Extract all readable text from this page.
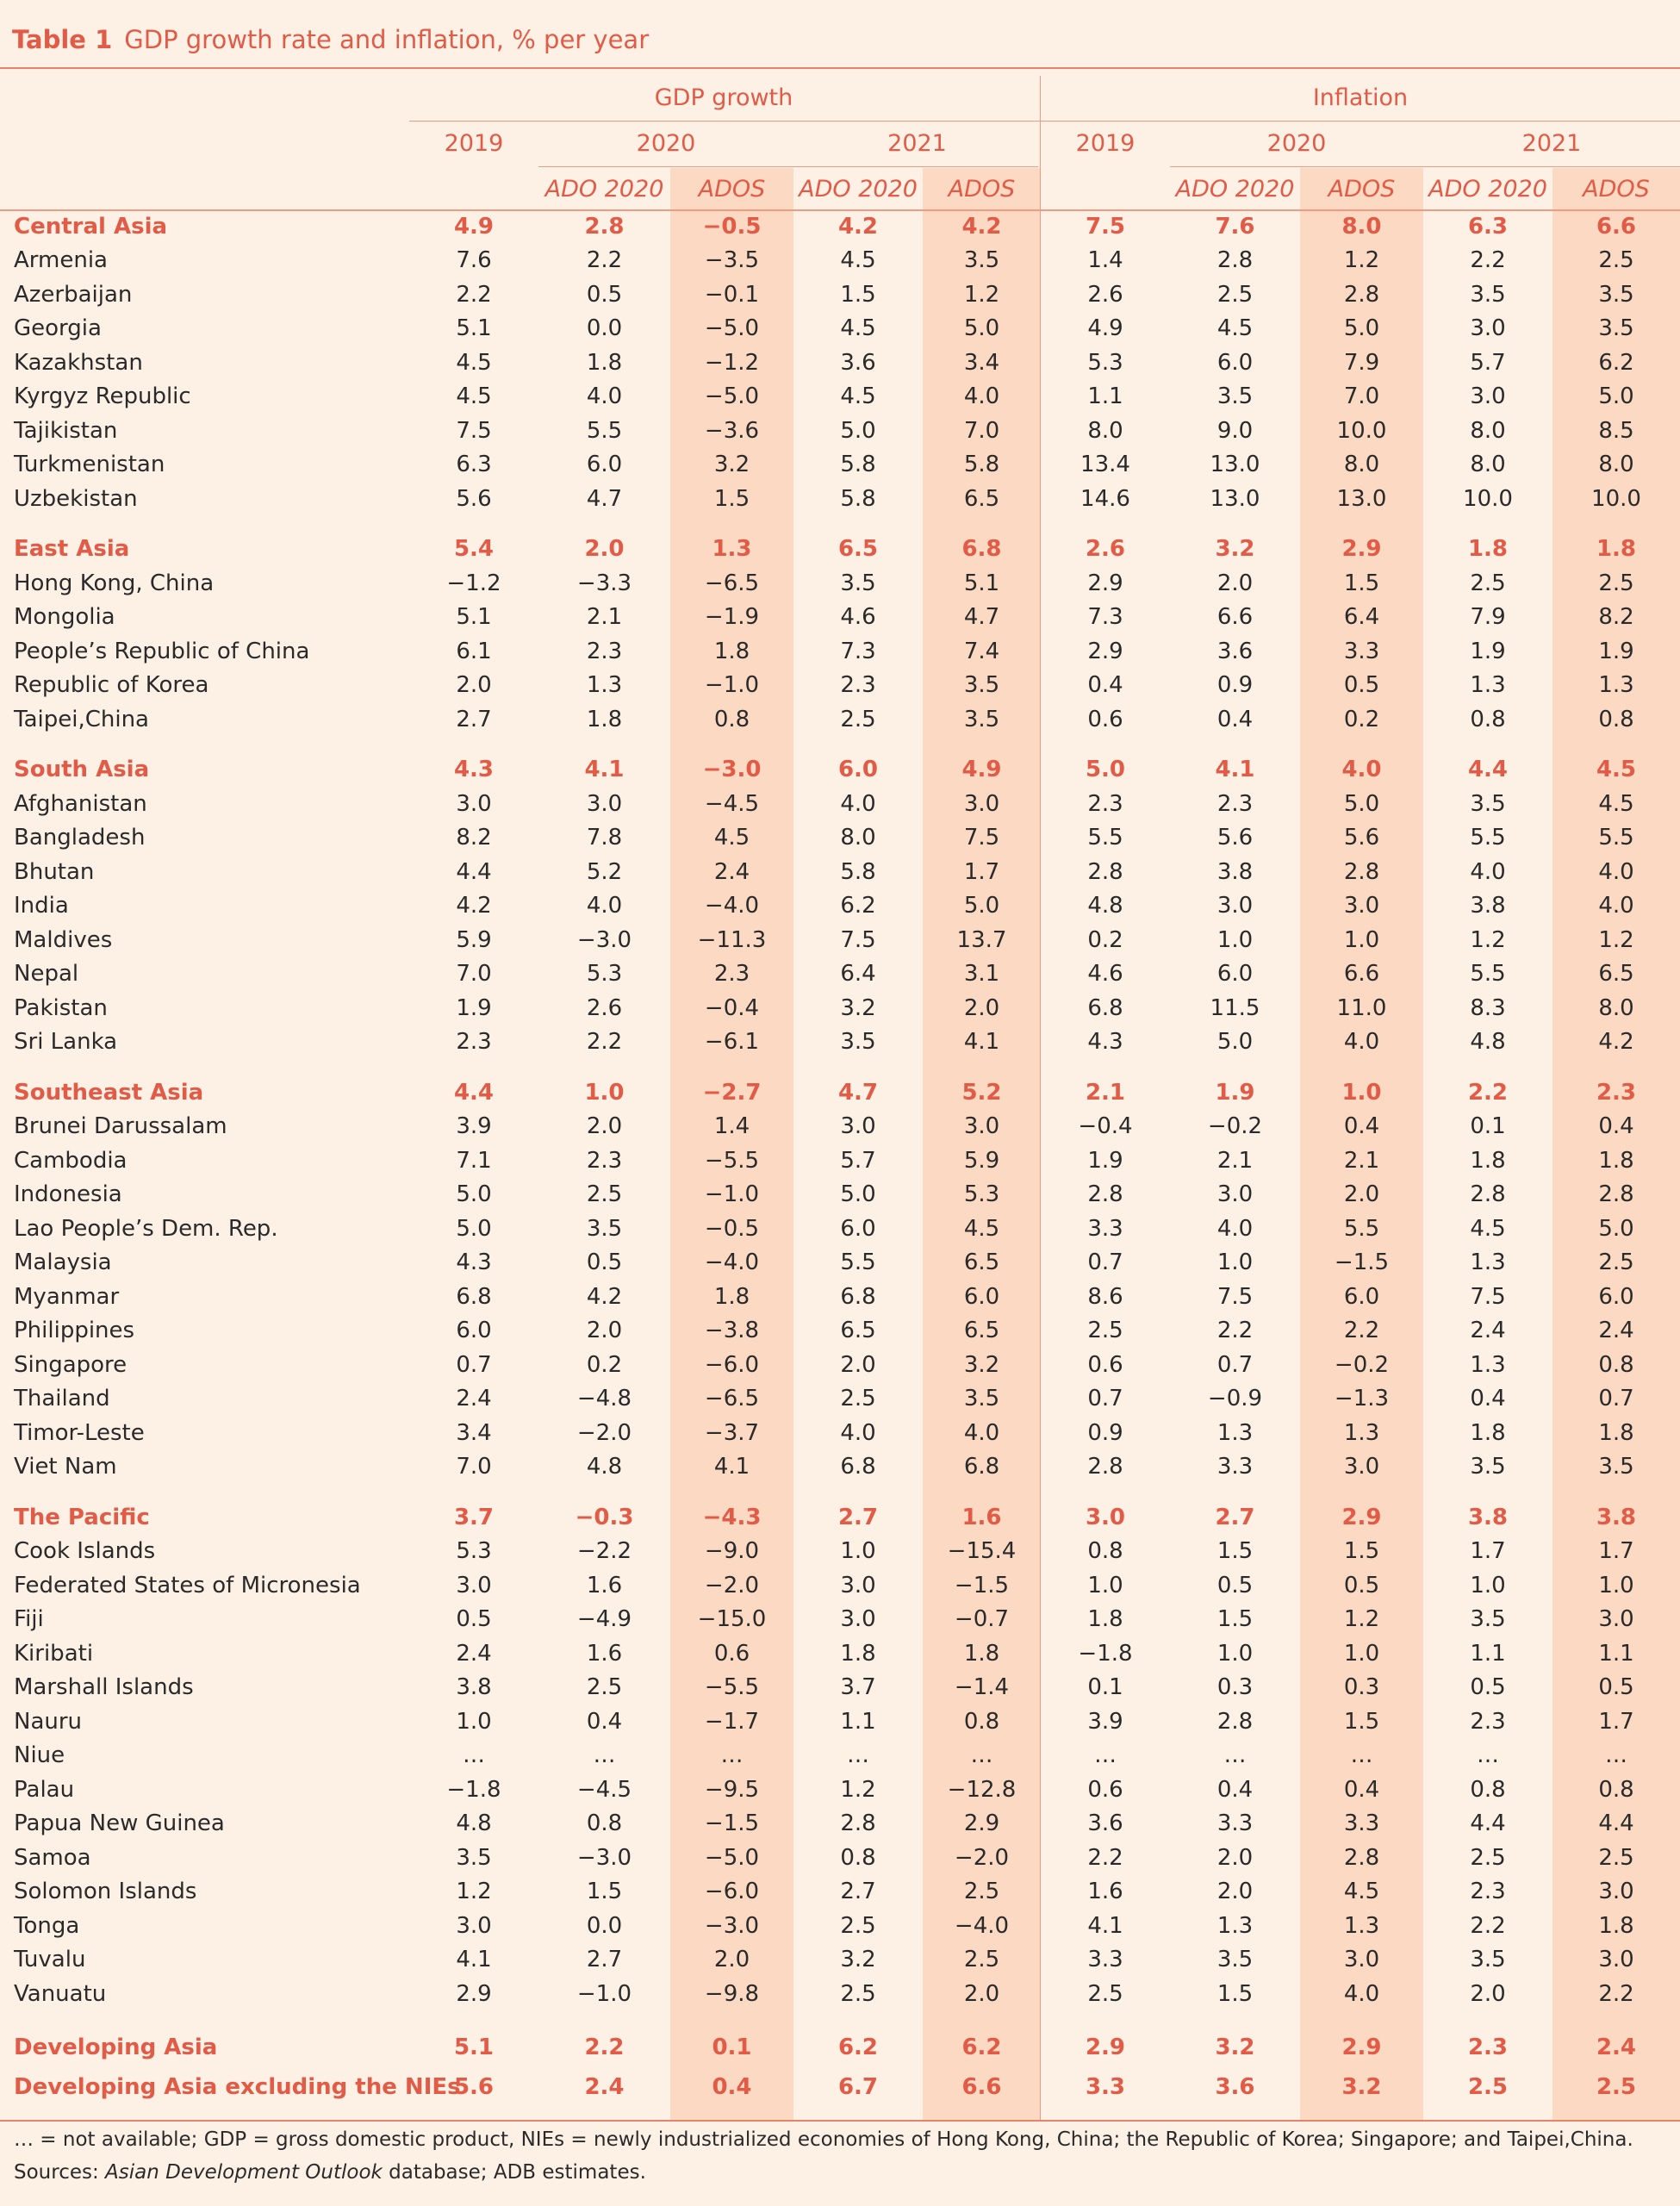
Table 1 GDP growth rate and inflation, % per year
GDP growth	Inflation
2019	2020	2021	2019	2020	2021
ADO 2020	ADOS	ADO 2020	ADOS	ADO 2020	ADOS	ADO 2020	ADOS
Central Asia	4.9	2.8	−0.5	4.2	4.2	7.5	7.6	8.0	6.3	6.6
Armenia	7.6	2.2	−3.5	4.5	3.5	1.4	2.8	1.2	2.2	2.5
Azerbaijan	2.2	0.5	−0.1	1.5	1.2	2.6	2.5	2.8	3.5	3.5
Georgia	5.1	0.0	−5.0	4.5	5.0	4.9	4.5	5.0	3.0	3.5
Kazakhstan	4.5	1.8	−1.2	3.6	3.4	5.3	6.0	7.9	5.7	6.2
Kyrgyz Republic	4.5	4.0	−5.0	4.5	4.0	1.1	3.5	7.0	3.0	5.0
Tajikistan	7.5	5.5	−3.6	5.0	7.0	8.0	9.0	10.0	8.0	8.5
Turkmenistan	6.3	6.0	3.2	5.8	5.8	13.4	13.0	8.0	8.0	8.0
Uzbekistan	5.6	4.7	1.5	5.8	6.5	14.6	13.0	13.0	10.0	10.0

East Asia	5.4	2.0	1.3	6.5	6.8	2.6	3.2	2.9	1.8	1.8
Hong Kong, China	−1.2	−3.3	−6.5	3.5	5.1	2.9	2.0	1.5	2.5	2.5
Mongolia	5.1	2.1	−1.9	4.6	4.7	7.3	6.6	6.4	7.9	8.2
People’s Republic of China	6.1	2.3	1.8	7.3	7.4	2.9	3.6	3.3	1.9	1.9
Republic of Korea	2.0	1.3	−1.0	2.3	3.5	0.4	0.9	0.5	1.3	1.3
Taipei,China	2.7	1.8	0.8	2.5	3.5	0.6	0.4	0.2	0.8	0.8

South Asia	4.3	4.1	−3.0	6.0	4.9	5.0	4.1	4.0	4.4	4.5
Afghanistan	3.0	3.0	−4.5	4.0	3.0	2.3	2.3	5.0	3.5	4.5
Bangladesh	8.2	7.8	4.5	8.0	7.5	5.5	5.6	5.6	5.5	5.5
Bhutan	4.4	5.2	2.4	5.8	1.7	2.8	3.8	2.8	4.0	4.0
India	4.2	4.0	−4.0	6.2	5.0	4.8	3.0	3.0	3.8	4.0
Maldives	5.9	−3.0	−11.3	7.5	13.7	0.2	1.0	1.0	1.2	1.2
Nepal	7.0	5.3	2.3	6.4	3.1	4.6	6.0	6.6	5.5	6.5
Pakistan	1.9	2.6	−0.4	3.2	2.0	6.8	11.5	11.0	8.3	8.0
Sri Lanka	2.3	2.2	−6.1	3.5	4.1	4.3	5.0	4.0	4.8	4.2

Southeast Asia	4.4	1.0	−2.7	4.7	5.2	2.1	1.9	1.0	2.2	2.3
Brunei Darussalam	3.9	2.0	1.4	3.0	3.0	−0.4	−0.2	0.4	0.1	0.4
Cambodia	7.1	2.3	−5.5	5.7	5.9	1.9	2.1	2.1	1.8	1.8
Indonesia	5.0	2.5	−1.0	5.0	5.3	2.8	3.0	2.0	2.8	2.8
Lao People’s Dem. Rep.	5.0	3.5	−0.5	6.0	4.5	3.3	4.0	5.5	4.5	5.0
Malaysia	4.3	0.5	−4.0	5.5	6.5	0.7	1.0	−1.5	1.3	2.5
Myanmar	6.8	4.2	1.8	6.8	6.0	8.6	7.5	6.0	7.5	6.0
Philippines	6.0	2.0	−3.8	6.5	6.5	2.5	2.2	2.2	2.4	2.4
Singapore	0.7	0.2	−6.0	2.0	3.2	0.6	0.7	−0.2	1.3	0.8
Thailand	2.4	−4.8	−6.5	2.5	3.5	0.7	−0.9	−1.3	0.4	0.7
Timor-Leste	3.4	−2.0	−3.7	4.0	4.0	0.9	1.3	1.3	1.8	1.8
Viet Nam	7.0	4.8	4.1	6.8	6.8	2.8	3.3	3.0	3.5	3.5

The Pacific	3.7	−0.3	−4.3	2.7	1.6	3.0	2.7	2.9	3.8	3.8
Cook Islands	5.3	−2.2	−9.0	1.0	−15.4	0.8	1.5	1.5	1.7	1.7
Federated States of Micronesia	3.0	1.6	−2.0	3.0	−1.5	1.0	0.5	0.5	1.0	1.0
Fiji	0.5	−4.9	−15.0	3.0	−0.7	1.8	1.5	1.2	3.5	3.0
Kiribati	2.4	1.6	0.6	1.8	1.8	−1.8	1.0	1.0	1.1	1.1
Marshall Islands	3.8	2.5	−5.5	3.7	−1.4	0.1	0.3	0.3	0.5	0.5
Nauru	1.0	0.4	−1.7	1.1	0.8	3.9	2.8	1.5	2.3	1.7
Niue	…	…	…	…	…	…	…	…	…	…
Palau	−1.8	−4.5	−9.5	1.2	−12.8	0.6	0.4	0.4	0.8	0.8
Papua New Guinea	4.8	0.8	−1.5	2.8	2.9	3.6	3.3	3.3	4.4	4.4
Samoa	3.5	−3.0	−5.0	0.8	−2.0	2.2	2.0	2.8	2.5	2.5
Solomon Islands	1.2	1.5	−6.0	2.7	2.5	1.6	2.0	4.5	2.3	3.0
Tonga	3.0	0.0	−3.0	2.5	−4.0	4.1	1.3	1.3	2.2	1.8
Tuvalu	4.1	2.7	2.0	3.2	2.5	3.3	3.5	3.0	3.5	3.0
Vanuatu	2.9	−1.0	−9.8	2.5	2.0	2.5	1.5	4.0	2.0	2.2

Developing Asia	5.1	2.2	0.1	6.2	6.2	2.9	3.2	2.9	2.3	2.4
Developing Asia excluding the NIEs	5.6	2.4	0.4	6.7	6.6	3.3	3.6	3.2	2.5	2.5
… = not available; GDP = gross domestic product, NIEs = newly industrialized economies of Hong Kong, China; the Republic of Korea; Singapore; and Taipei,China.
Sources: Asian Development Outlook database; ADB estimates.
